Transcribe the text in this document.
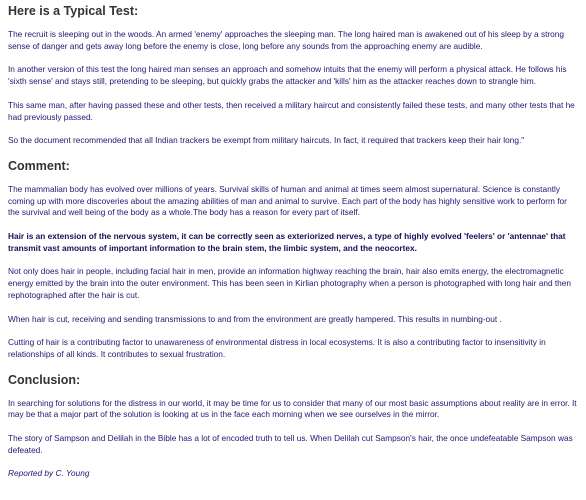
Here is a Typical Test:

The recruit is sleeping out in the woods. An armed 'enemy' approaches the sleeping man. The long haired man is awakened out of his sleep by a strong sense of danger and gets away long before the enemy is close, long before any sounds from the approaching enemy are audible.

In another version of this test the long haired man senses an approach and somehow intuits that the enemy will perform a physical attack. He follows his 'sixth sense' and stays still, pretending to be sleeping, but quickly grabs the attacker and 'kills' him as the attacker reaches down to strangle him.

This same man, after having passed these and other tests, then received a military haircut and consistently failed these tests, and many other tests that he had previously passed.

So the document recommended that all Indian trackers be exempt from military haircuts. In fact, it required that trackers keep their hair long."

Comment:

The mammalian body has evolved over millions of years. Survival skills of human and animal at times seem almost supernatural. Science is constantly coming up with more discoveries about the amazing abilities of man and animal to survive. Each part of the body has highly sensitive work to perform for the survival and well being of the body as a whole.The body has a reason for every part of itself.

Hair is an extension of the nervous system, it can be correctly seen as exteriorized nerves, a type of highly evolved 'feelers' or 'antennae' that transmit vast amounts of important information to the brain stem, the limbic system, and the neocortex.

Not only does hair in people, including facial hair in men, provide an information highway reaching the brain, hair also emits energy, the electromagnetic energy emitted by the brain into the outer environment. This has been seen in Kirlian photography when a person is photographed with long hair and then rephotographed after the hair is cut.

When hair is cut, receiving and sending transmissions to and from the environment are greatly hampered. This results in numbing-out .

Cutting of hair is a contributing factor to unawareness of environmental distress in local ecosystems. It is also a contributing factor to insensitivity in relationships of all kinds. It contributes to sexual frustration.

Conclusion:

In searching for solutions for the distress in our world, it may be time for us to consider that many of our most basic assumptions about reality are in error. It may be that a major part of the solution is looking at us in the face each morning when we see ourselves in the mirror.

The story of Sampson and Delilah in the Bible has a lot of encoded truth to tell us. When Delilah cut Sampson's hair, the once undefeatable Sampson was defeated.

Reported by C. Young
